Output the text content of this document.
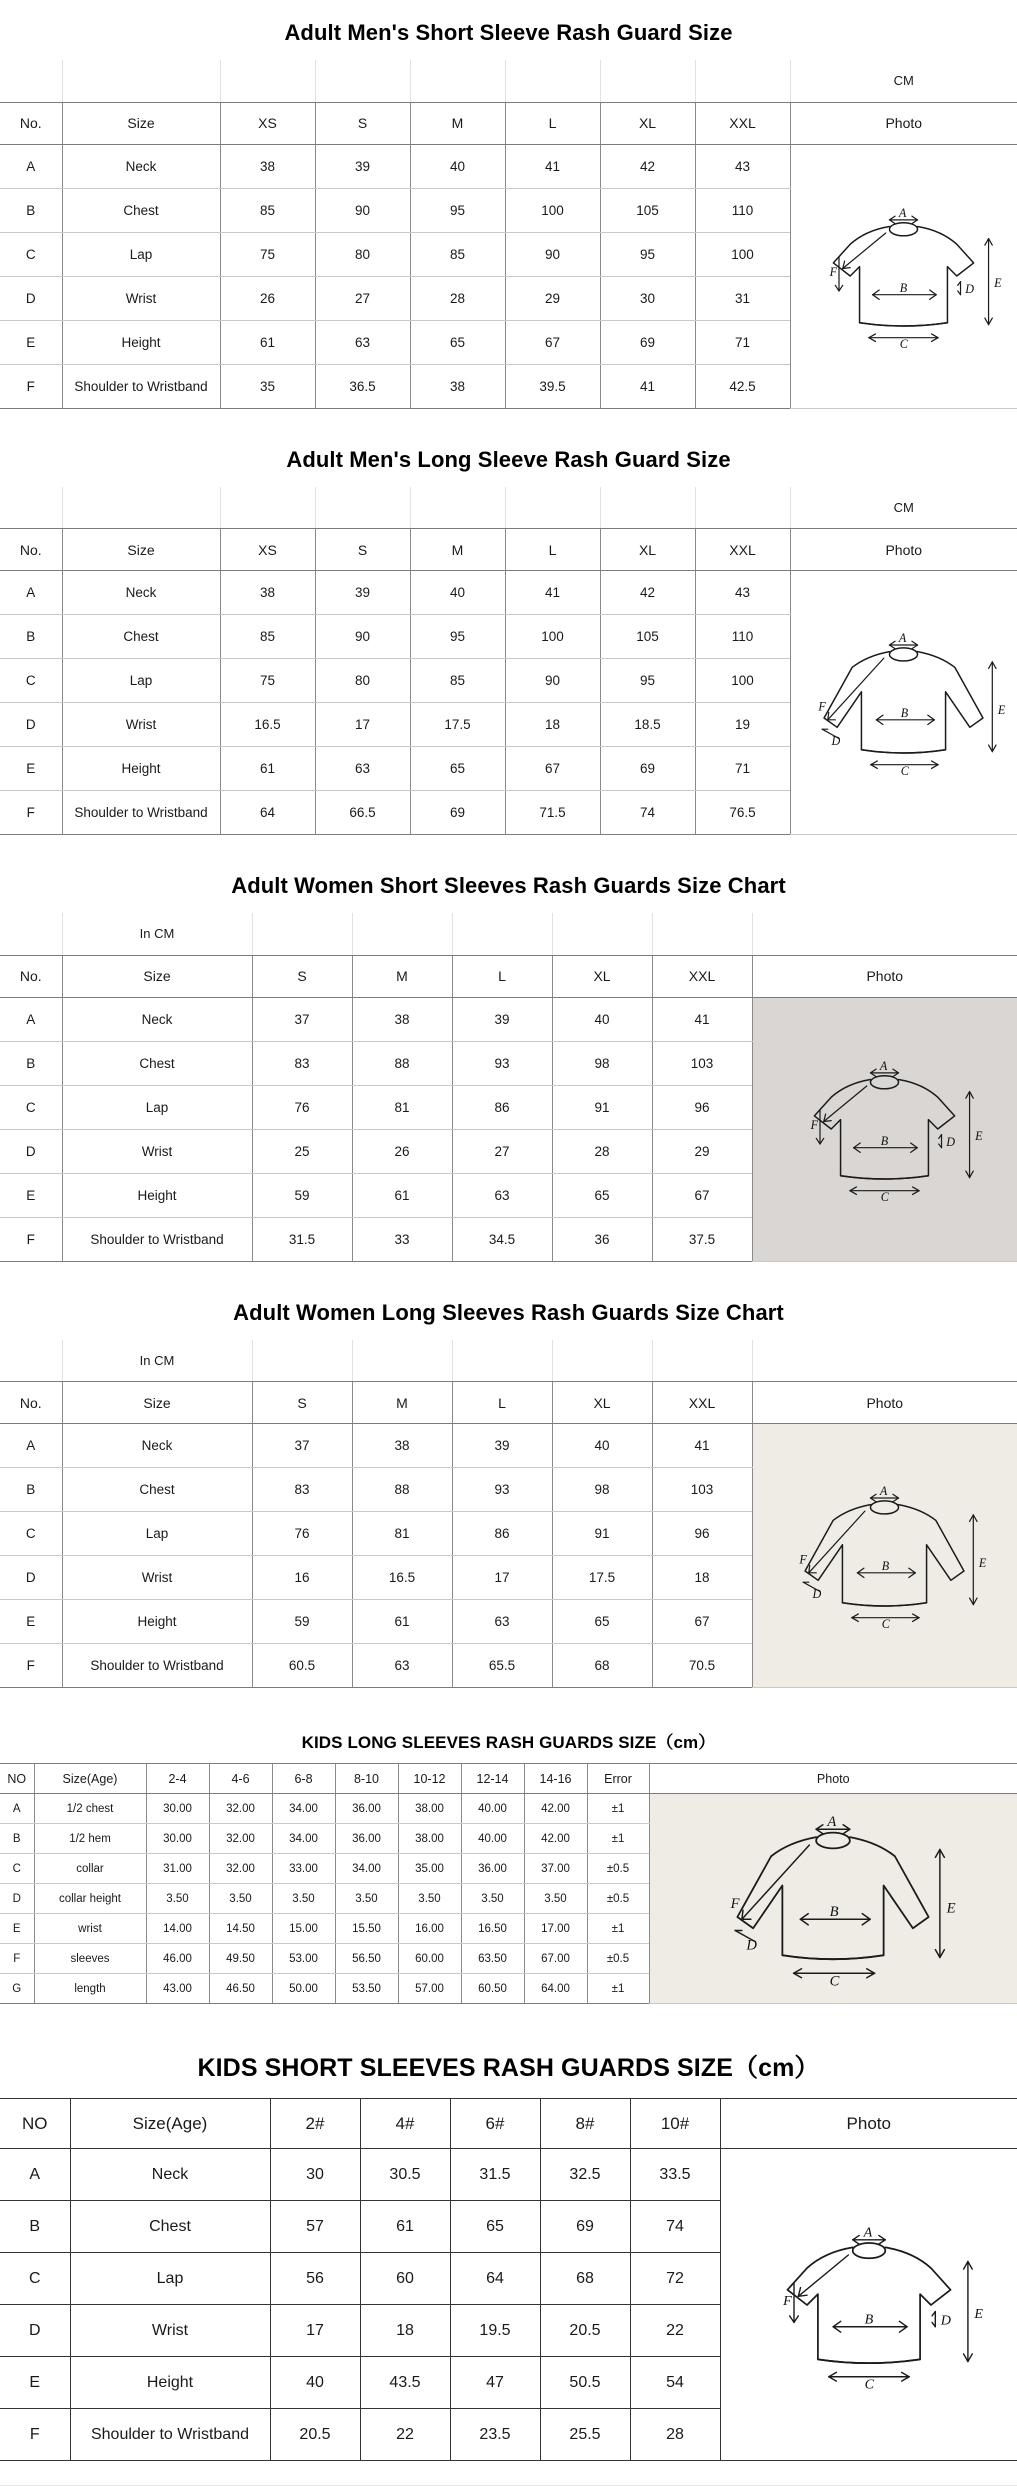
Adult Men's Short Sleeve Rash Guard Size
								CM
No.	Size	XS	S	M	L	XL	XXL	Photo
A	Neck	38	39	40	41	42	43	
A
F
B	D E
C

B	Chest	85	90	95	100	105	110	
C	Lap	75	80	85	90	95	100	
D	Wrist	26	27	28	29	30	31	
E	Height	61	63	65	67	69	71	
F	Shoulder to Wristband	35	36.5	38	39.5	41	42.5	
Adult Men's Long Sleeve Rash Guard Size
								CM
No.	Size	XS	S	M	L	XL	XXL	Photo
A	Neck	38	39	40	41	42	43	
A
F	B	E
C
D

B	Chest	85	90	95	100	105	110	
C	Lap	75	80	85	90	95	100	
D	Wrist	16.5	17	17.5	18	18.5	19	
E	Height	61	63	65	67	69	71	
F	Shoulder to Wristband	64	66.5	69	71.5	74	76.5	
Adult Women Short Sleeves Rash Guards Size Chart
	In CM						
No.	Size	S	M	L	XL	XXL	Photo
A	Neck	37	38	39	40	41	
A
F
B	D E
C

B	Chest	83	88	93	98	103	
C	Lap	76	81	86	91	96	
D	Wrist	25	26	27	28	29	
E	Height	59	61	63	65	67	
F	Shoulder to Wristband	31.5	33	34.5	36	37.5	
Adult Women Long Sleeves Rash Guards Size Chart
	In CM						
No.	Size	S	M	L	XL	XXL	Photo
A	Neck	37	38	39	40	41	
A
F	B	E
C
D

B	Chest	83	88	93	98	103	
C	Lap	76	81	86	91	96	
D	Wrist	16	16.5	17	17.5	18	
E	Height	59	61	63	65	67	
F	Shoulder to Wristband	60.5	63	65.5	68	70.5	
KIDS LONG SLEEVES RASH GUARDS SIZE（cm）
NO	Size(Age)	2-4	4-6	6-8	8-10	10-12	12-14	14-16	Error	Photo
A	1/2 chest	30.00	32.00	34.00	36.00	38.00	40.00	42.00	±1	
A
F	B	E
C
D

B	1/2 hem	30.00	32.00	34.00	36.00	38.00	40.00	42.00	±1	
C	collar	31.00	32.00	33.00	34.00	35.00	36.00	37.00	±0.5	
D	collar height	3.50	3.50	3.50	3.50	3.50	3.50	3.50	±0.5	
E	wrist	14.00	14.50	15.00	15.50	16.00	16.50	17.00	±1	
F	sleeves	46.00	49.50	53.00	56.50	60.00	63.50	67.00	±0.5	
G	length	43.00	46.50	50.00	53.50	57.00	60.50	64.00	±1	
KIDS SHORT SLEEVES RASH GUARDS SIZE（cm）
NO	Size(Age)	2#	4#	6#	8#	10#	Photo
A	Neck	30	30.5	31.5	32.5	33.5	
A
F
B	D E
C

B	Chest	57	61	65	69	74	
C	Lap	56	60	64	68	72	
D	Wrist	17	18	19.5	20.5	22	
E	Height	40	43.5	47	50.5	54	
F	Shoulder to Wristband	20.5	22	23.5	25.5	28	
